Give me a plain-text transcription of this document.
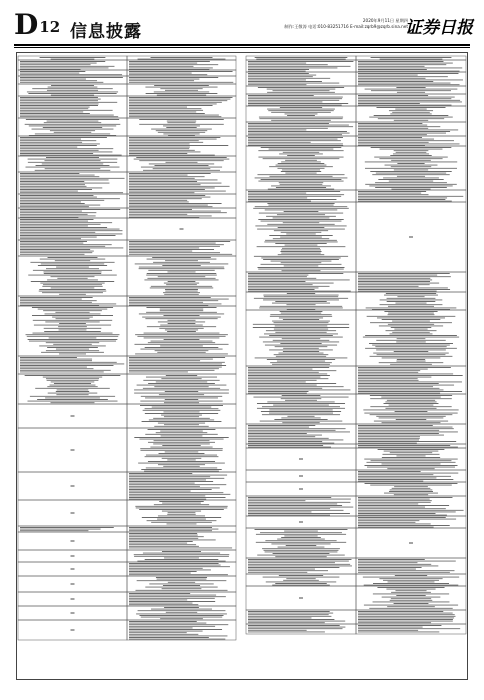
D12 信息披露
2020年9月11日 星期四
制作:王敬涛 电话:010-83251716 E-mail:zqrb9@zqrb.sina.net
证券日报
